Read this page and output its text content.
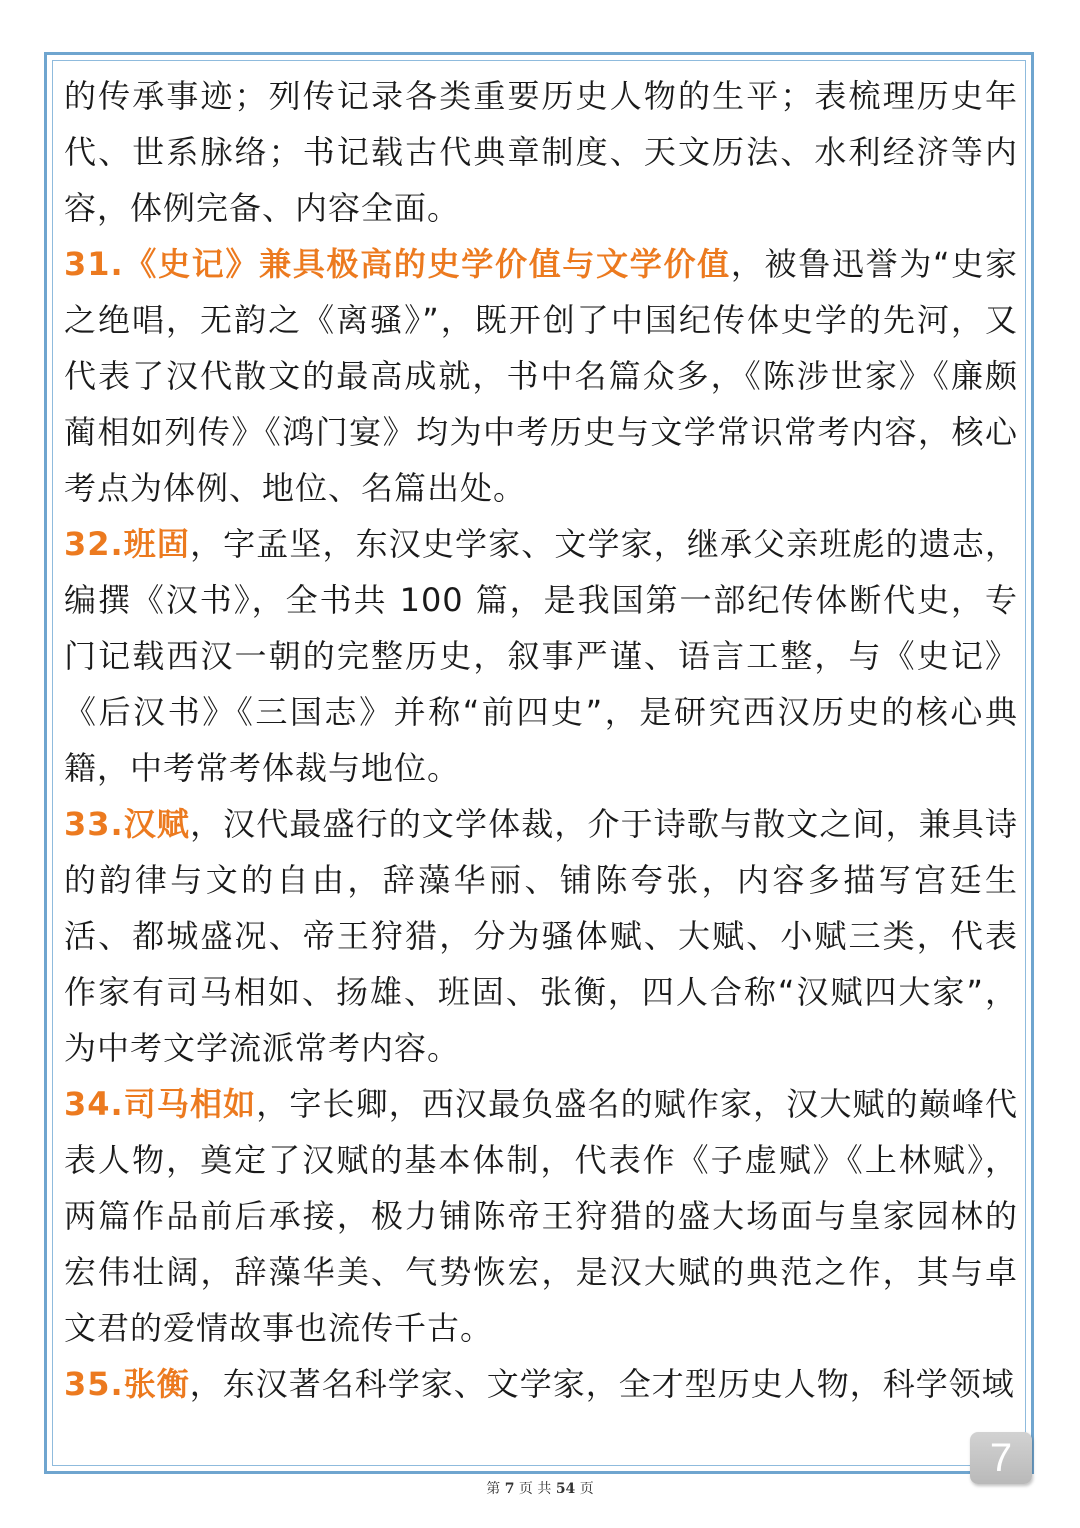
的传承事迹；列传记录各类重要历史人物的生平；表梳理历史年代、世系脉络；书记载古代典章制度、天文历法、水利经济等内容，体例完备、内容全面。

31.《史记》兼具极高的史学价值与文学价值，被鲁迅誉为“史家之绝唱，无韵之《离骚》”，既开创了中国纪传体史学的先河，又代表了汉代散文的最高成就，书中名篇众多，《陈涉世家》《廉颇蔺相如列传》《鸿门宴》均为中考历史与文学常识常考内容，核心考点为体例、地位、名篇出处。

32.班固，字孟坚，东汉史学家、文学家，继承父亲班彪的遗志，编撰《汉书》，全书共 100 篇，是我国第一部纪传体断代史，专门记载西汉一朝的完整历史，叙事严谨、语言工整，与《史记》《后汉书》《三国志》并称“前四史”，是研究西汉历史的核心典籍，中考常考体裁与地位。

33.汉赋，汉代最盛行的文学体裁，介于诗歌与散文之间，兼具诗的韵律与文的自由，辞藻华丽、铺陈夸张，内容多描写宫廷生活、都城盛况、帝王狩猎，分为骚体赋、大赋、小赋三类，代表作家有司马相如、扬雄、班固、张衡，四人合称“汉赋四大家”，为中考文学流派常考内容。

34.司马相如，字长卿，西汉最负盛名的赋作家，汉大赋的巅峰代表人物，奠定了汉赋的基本体制，代表作《子虚赋》《上林赋》，两篇作品前后承接，极力铺陈帝王狩猎的盛大场面与皇家园林的宏伟壮阔，辞藻华美、气势恢宏，是汉大赋的典范之作，其与卓文君的爱情故事也流传千古。

35.张衡，东汉著名科学家、文学家，全才型历史人物，科学领域

7
第 7 页 共 54 页
